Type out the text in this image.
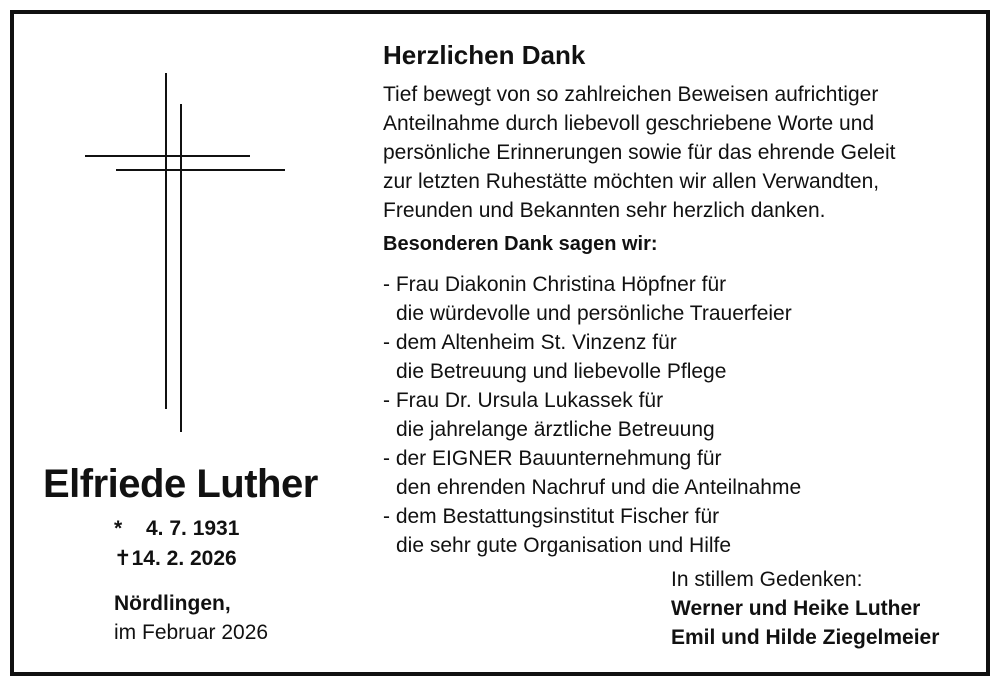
Elfriede Luther
* 4. 7. 1931
✝14. 2. 2026
Nördlingen,
im Februar 2026
Herzlichen Dank
Tief bewegt von so zahlreichen Beweisen aufrichtiger
Anteilnahme durch liebevoll geschriebene Worte und
persönliche Erinnerungen sowie für das ehrende Geleit
zur letzten Ruhestätte möchten wir allen Verwandten,
Freunden und Bekannten sehr herzlich danken.
Besonderen Dank sagen wir:
- Frau Diakonin Christina Höpfner für
die würdevolle und persönliche Trauerfeier
- dem Altenheim St. Vinzenz für
die Betreuung und liebevolle Pflege
- Frau Dr. Ursula Lukassek für
die jahrelange ärztliche Betreuung
- der EIGNER Bauunternehmung für
den ehrenden Nachruf und die Anteilnahme
- dem Bestattungsinstitut Fischer für
die sehr gute Organisation und Hilfe
In stillem Gedenken:
Werner und Heike Luther
Emil und Hilde Ziegelmeier
